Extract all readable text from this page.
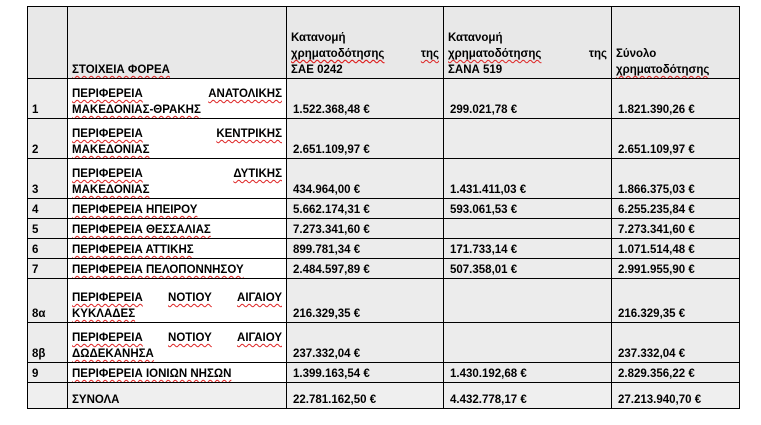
	ΣΤΟΙΧΕΙΑ ΦΟΡΕΑ	Κατανομή
χρηματοδότησης της
ΣΑΕ 0242	Κατανομή
χρηματοδότησης της
ΣΑΝΑ 519	Σύνολο
χρηματοδότησης

1	ΠΕΡΙΦΕΡΕΙΑ ΑΝΑΤΟΛΙΚΗΣ
ΜΑΚΕΔΟΝΙΑΣ-ΘΡΑΚΗΣ	1.522.368,48 €	299.021,78 €	1.821.390,26 €
2	ΠΕΡΙΦΕΡΕΙΑ ΚΕΝΤΡΙΚΗΣ
ΜΑΚΕΔΟΝΙΑΣ	2.651.109,97 €		2.651.109,97 €
3	ΠΕΡΙΦΕΡΕΙΑ ΔΥΤΙΚΗΣ
ΜΑΚΕΔΟΝΙΑΣ	434.964,00 €	1.431.411,03 €	1.866.375,03 €
4	ΠΕΡΙΦΕΡΕΙΑ ΗΠΕΙΡΟΥ	5.662.174,31 €	593.061,53 €	6.255.235,84 €
5	ΠΕΡΙΦΕΡΕΙΑ ΘΕΣΣΑΛΙΑΣ	7.273.341,60 €		7.273.341,60 €
6	ΠΕΡΙΦΕΡΕΙΑ ΑΤΤΙΚΗΣ	899.781,34 €	171.733,14 €	1.071.514,48 €
7	ΠΕΡΙΦΕΡΕΙΑ ΠΕΛΟΠΟΝΝΗΣΟΥ	2.484.597,89 €	507.358,01 €	2.991.955,90 €
8α	ΠΕΡΙΦΕΡΕΙΑ ΝΟΤΙΟΥ ΑΙΓΑΙΟΥ
ΚΥΚΛΑΔΕΣ	216.329,35 €		216.329,35 €
8β	ΠΕΡΙΦΕΡΕΙΑ ΝΟΤΙΟΥ ΑΙΓΑΙΟΥ
ΔΩΔΕΚΑΝΗΣΑ	237.332,04 €		237.332,04 €
9	ΠΕΡΙΦΕΡΕΙΑ ΙΟΝΙΩΝ ΝΗΣΩΝ	1.399.163,54 €	1.430.192,68 €	2.829.356,22 €
	ΣΥΝΟΛΑ	22.781.162,50 €	4.432.778,17 €	27.213.940,70 €
